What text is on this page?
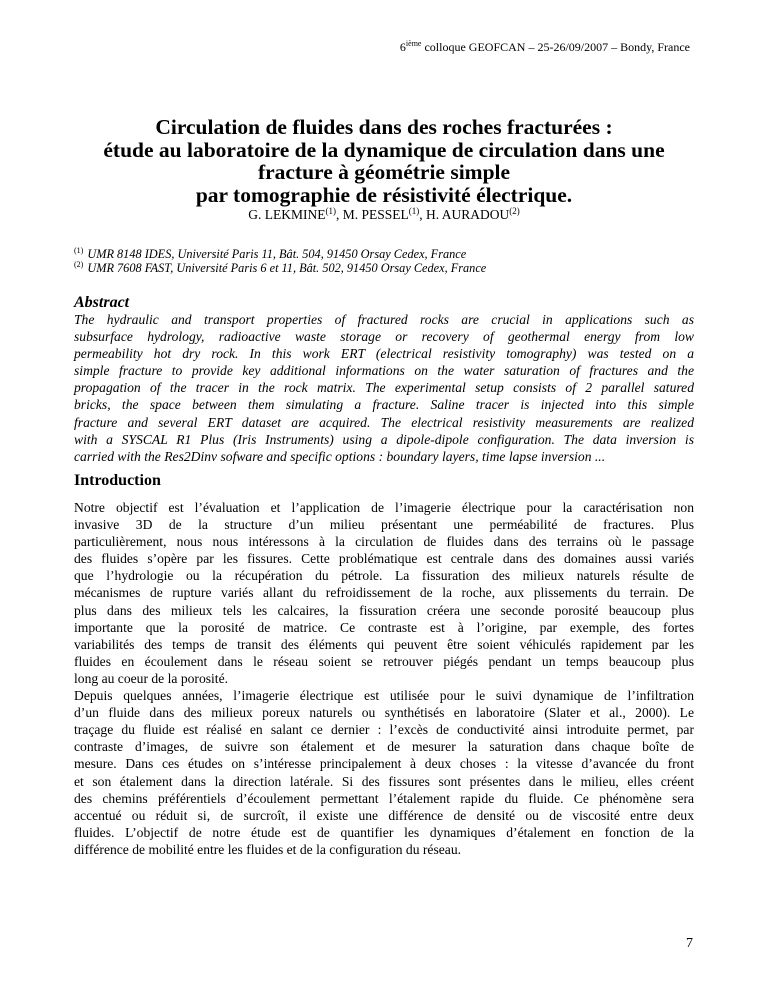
6ième colloque GEOFCAN – 25-26/09/2007 – Bondy, France
Circulation de fluides dans des roches fracturées :
étude au laboratoire de la dynamique de circulation dans une
fracture à géométrie simple
par tomographie de résistivité électrique.
G. LEKMINE$^{(1)}$, M. PESSEL$^{(1)}$, H. AURADOU$^{(2)}$
$^{(1)}$ UMR 8148 IDES, Université Paris 11, Bât. 504, 91450 Orsay Cedex, France
$^{(2)}$ UMR 7608 FAST, Université Paris 6 et 11, Bât. 502, 91450 Orsay Cedex, France
Abstract
The hydraulic and transport properties of fractured rocks are crucial in applications such as
subsurface hydrology, radioactive waste storage or recovery of geothermal energy from low
permeability hot dry rock. In this work ERT (electrical resistivity tomography) was tested on a
simple fracture to provide key additional informations on the water saturation of fractures and the
propagation of the tracer in the rock matrix. The experimental setup consists of 2 parallel satured
bricks, the space between them simulating a fracture. Saline tracer is injected into this simple
fracture and several ERT dataset are acquired. The electrical resistivity measurements are realized
with a SYSCAL R1 Plus (Iris Instruments) using a dipole-dipole configuration. The data inversion is
carried with the Res2Dinv sofware and specific options : boundary layers, time lapse inversion ...
Introduction
Notre objectif est l’évaluation et l’application de l’imagerie électrique pour la caractérisation non
invasive 3D de la structure d’un milieu présentant une perméabilité de fractures. Plus
particulièrement, nous nous intéressons à la circulation de fluides dans des terrains où le passage
des fluides s’opère par les fissures. Cette problématique est centrale dans des domaines aussi variés
que l’hydrologie ou la récupération du pétrole. La fissuration des milieux naturels résulte de
mécanismes de rupture variés allant du refroidissement de la roche, aux plissements du terrain. De
plus dans des milieux tels les calcaires, la fissuration créera une seconde porosité beaucoup plus
importante que la porosité de matrice. Ce contraste est à l’origine, par exemple, des fortes
variabilités des temps de transit des éléments qui peuvent être soient véhiculés rapidement par les
fluides en écoulement dans le réseau soient se retrouver piégés pendant un temps beaucoup plus
long au coeur de la porosité.
Depuis quelques années, l’imagerie électrique est utilisée pour le suivi dynamique de l’infiltration
d’un fluide dans des milieux poreux naturels ou synthétisés en laboratoire (Slater et al., 2000). Le
traçage du fluide est réalisé en salant ce dernier : l’excès de conductivité ainsi introduite permet, par
contraste d’images, de suivre son étalement et de mesurer la saturation dans chaque boîte de
mesure. Dans ces études on s’intéresse principalement à deux choses : la vitesse d’avancée du front
et son étalement dans la direction latérale. Si des fissures sont présentes dans le milieu, elles créent
des chemins préférentiels d’écoulement permettant l’étalement rapide du fluide. Ce phénomène sera
accentué ou réduit si, de surcroît, il existe une différence de densité ou de viscosité entre deux
fluides. L’objectif de notre étude est de quantifier les dynamiques d’étalement en fonction de la
différence de mobilité entre les fluides et de la configuration du réseau.
7
